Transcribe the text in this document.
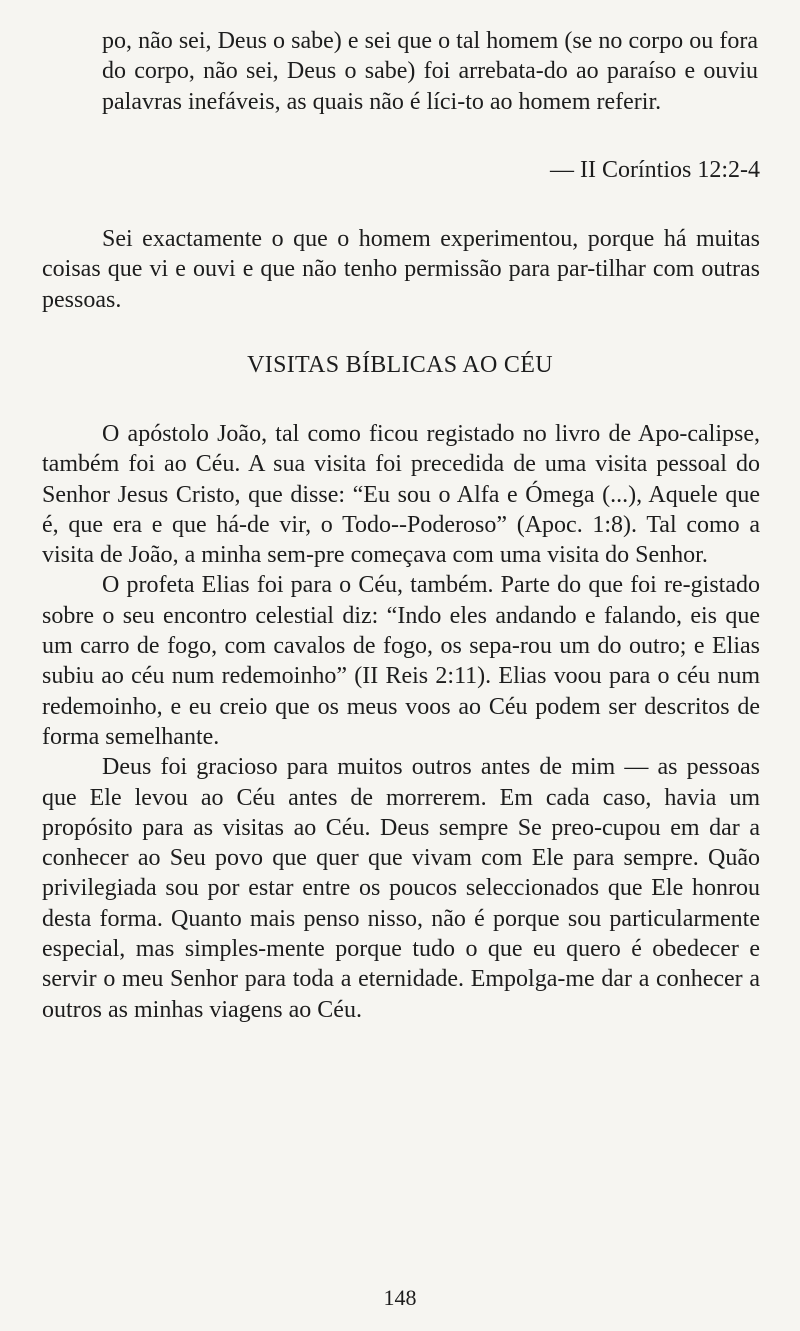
po, não sei, Deus o sabe) e sei que o tal homem (se no corpo ou fora do corpo, não sei, Deus o sabe) foi arrebata-do ao paraíso e ouviu palavras inefáveis, as quais não é líci-to ao homem referir.
— II Coríntios 12:2-4

Sei exactamente o que o homem experimentou, porque há muitas coisas que vi e ouvi e que não tenho permissão para par-tilhar com outras pessoas.

VISITAS BÍBLICAS AO CÉU

O apóstolo João, tal como ficou registado no livro de Apo-calipse, também foi ao Céu. A sua visita foi precedida de uma visita pessoal do Senhor Jesus Cristo, que disse: “Eu sou o Alfa e Ómega (...), Aquele que é, que era e que há-de vir, o Todo--Poderoso” (Apoc. 1:8). Tal como a visita de João, a minha sem-pre começava com uma visita do Senhor.

O profeta Elias foi para o Céu, também. Parte do que foi re-gistado sobre o seu encontro celestial diz: “Indo eles andando e falando, eis que um carro de fogo, com cavalos de fogo, os sepa-rou um do outro; e Elias subiu ao céu num redemoinho” (II Reis 2:11). Elias voou para o céu num redemoinho, e eu creio que os meus voos ao Céu podem ser descritos de forma semelhante.

Deus foi gracioso para muitos outros antes de mim — as pessoas que Ele levou ao Céu antes de morrerem. Em cada caso, havia um propósito para as visitas ao Céu. Deus sempre Se preo-cupou em dar a conhecer ao Seu povo que quer que vivam com Ele para sempre. Quão privilegiada sou por estar entre os poucos seleccionados que Ele honrou desta forma. Quanto mais penso nisso, não é porque sou particularmente especial, mas simples-mente porque tudo o que eu quero é obedecer e servir o meu Senhor para toda a eternidade. Empolga-me dar a conhecer a outros as minhas viagens ao Céu.

148
